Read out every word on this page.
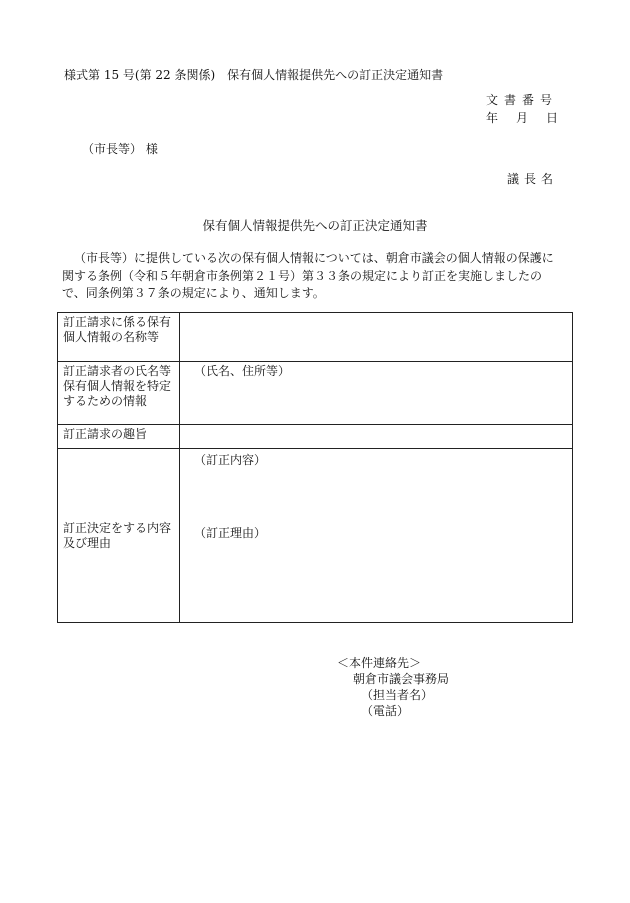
様式第 15 号(第 22 条関係)　保有個人情報提供先への訂正決定通知書
文書番号
年 月 日
（市長等） 様
議長名
保有個人情報提供先への訂正決定通知書
（市長等）に提供している次の保有個人情報については、朝倉市議会の個人情報の保護に関する条例（令和５年朝倉市条例第２１号）第３３条の規定により訂正を実施しましたので、同条例第３７条の規定により、通知します。
訂正請求に係る保有個人情報の名称等	
訂正請求者の氏名等保有個人情報を特定するための情報	（氏名、住所等）

訂正請求の趣旨	
訂正決定をする内容及び理由	（訂正内容）
（訂正理由）
＜本件連絡先＞
朝倉市議会事務局
（担当者名）
（電話）
